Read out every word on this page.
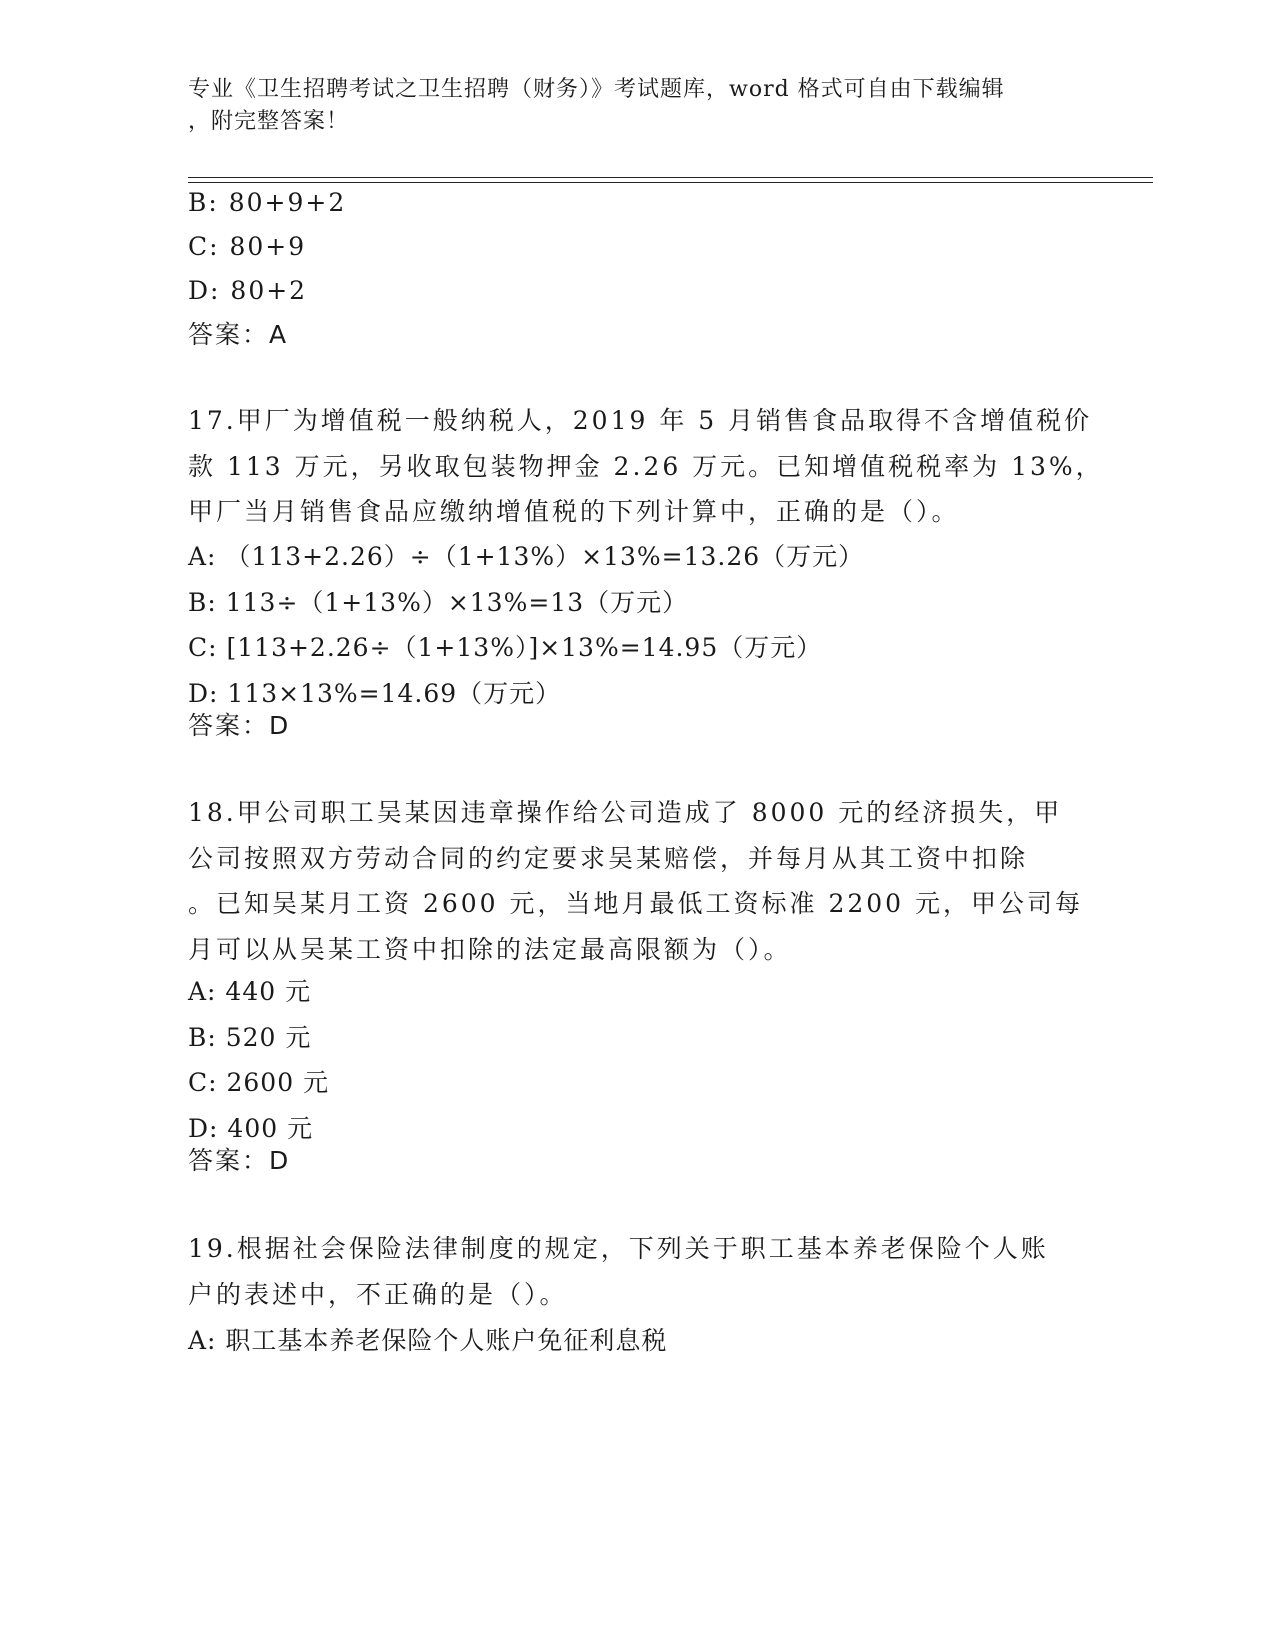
专业《卫生招聘考试之卫生招聘（财务）》考试题库，word 格式可自由下载编辑
，附完整答案！
B: 80+9+2
C: 80+9
D: 80+2
答案：A
17.甲厂为增值税一般纳税人，2019 年 5 月销售食品取得不含增值税价
款 113 万元，另收取包装物押金 2.26 万元。已知增值税税率为 13%，
甲厂当月销售食品应缴纳增值税的下列计算中，正确的是（）。
A: （113+2.26）÷（1+13%）×13%=13.26（万元）
B: 113÷（1+13%）×13%=13（万元）
C: [113+2.26÷（1+13%）]×13%=14.95（万元）
D: 113×13%=14.69（万元）
答案：D
18.甲公司职工吴某因违章操作给公司造成了 8000 元的经济损失，甲
公司按照双方劳动合同的约定要求吴某赔偿，并每月从其工资中扣除
。已知吴某月工资 2600 元，当地月最低工资标准 2200 元，甲公司每
月可以从吴某工资中扣除的法定最高限额为（）。
A: 440 元
B: 520 元
C: 2600 元
D: 400 元
答案：D
19.根据社会保险法律制度的规定，下列关于职工基本养老保险个人账
户的表述中，不正确的是（）。
A: 职工基本养老保险个人账户免征利息税
